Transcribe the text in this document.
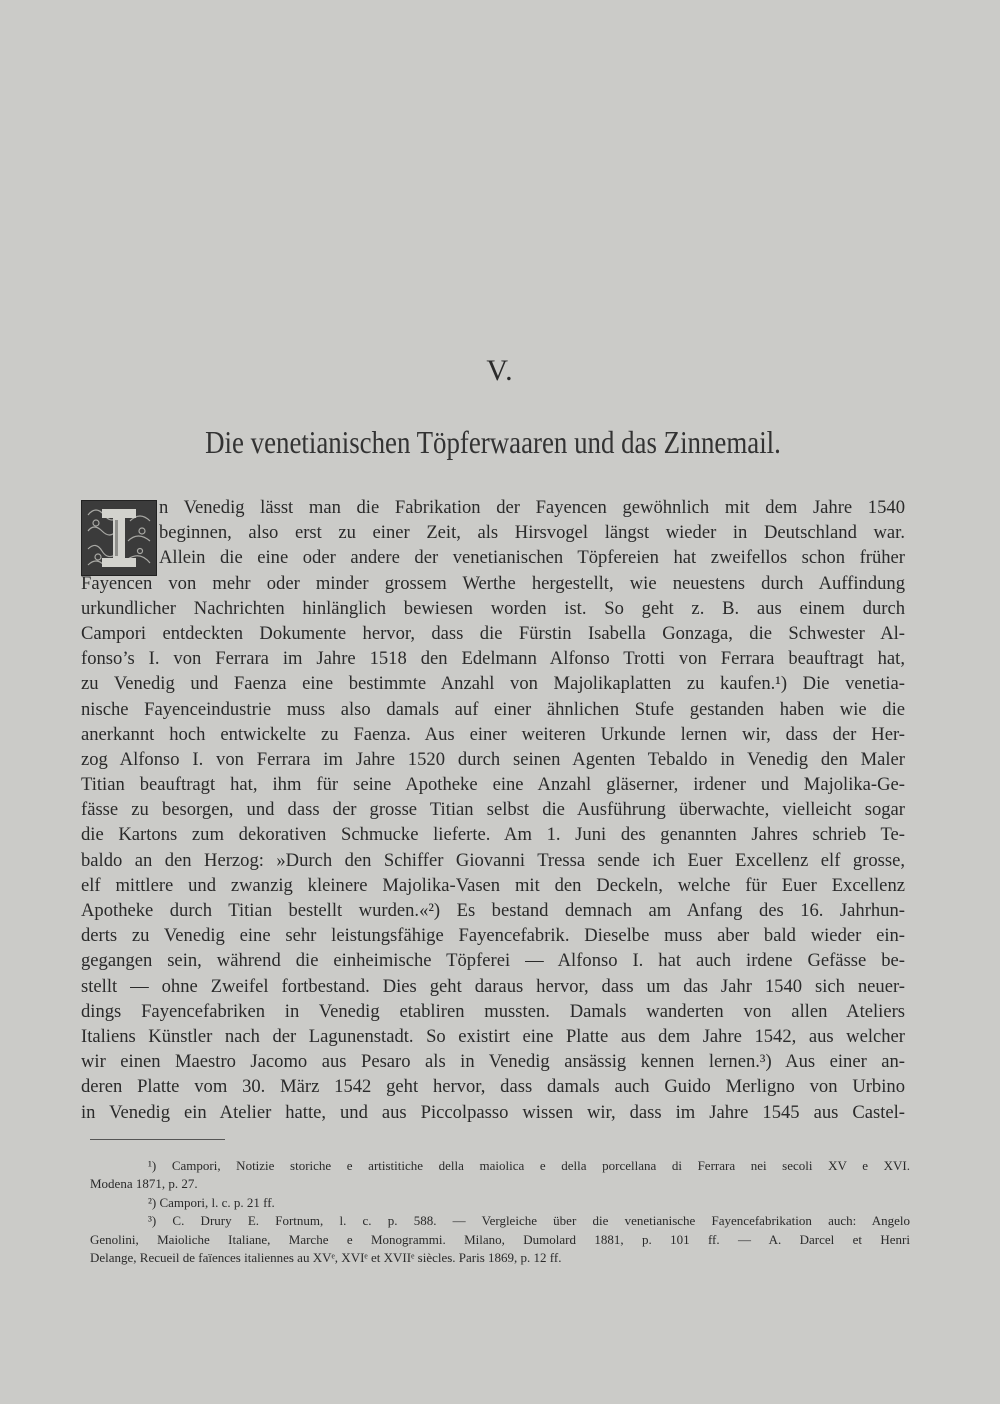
V.
Die venetianischen Töpferwaaren und das Zinnemail.
n Venedig lässt man die Fabrikation der Fayencen gewöhnlich mit dem Jahre 1540
beginnen, also erst zu einer Zeit, als Hirsvogel längst wieder in Deutschland war.
Allein die eine oder andere der venetianischen Töpfereien hat zweifellos schon früher
Fayencen von mehr oder minder grossem Werthe hergestellt, wie neuestens durch Auffindung
urkundlicher Nachrichten hinlänglich bewiesen worden ist. So geht z. B. aus einem durch
Campori entdeckten Dokumente hervor, dass die Fürstin Isabella Gonzaga, die Schwester Al-
fonso’s I. von Ferrara im Jahre 1518 den Edelmann Alfonso Trotti von Ferrara beauftragt hat,
zu Venedig und Faenza eine bestimmte Anzahl von Majolikaplatten zu kaufen.¹) Die venetia-
nische Fayenceindustrie muss also damals auf einer ähnlichen Stufe gestanden haben wie die
anerkannt hoch entwickelte zu Faenza. Aus einer weiteren Urkunde lernen wir, dass der Her-
zog Alfonso I. von Ferrara im Jahre 1520 durch seinen Agenten Tebaldo in Venedig den Maler
Titian beauftragt hat, ihm für seine Apotheke eine Anzahl gläserner, irdener und Majolika-Ge-
fässe zu besorgen, und dass der grosse Titian selbst die Ausführung überwachte, vielleicht sogar
die Kartons zum dekorativen Schmucke lieferte. Am 1. Juni des genannten Jahres schrieb Te-
baldo an den Herzog: »Durch den Schiffer Giovanni Tressa sende ich Euer Excellenz elf grosse,
elf mittlere und zwanzig kleinere Majolika-Vasen mit den Deckeln, welche für Euer Excellenz
Apotheke durch Titian bestellt wurden.«²) Es bestand demnach am Anfang des 16. Jahrhun-
derts zu Venedig eine sehr leistungsfähige Fayencefabrik. Dieselbe muss aber bald wieder ein-
gegangen sein, während die einheimische Töpferei — Alfonso I. hat auch irdene Gefässe be-
stellt — ohne Zweifel fortbestand. Dies geht daraus hervor, dass um das Jahr 1540 sich neuer-
dings Fayencefabriken in Venedig etabliren mussten. Damals wanderten von allen Ateliers
Italiens Künstler nach der Lagunenstadt. So existirt eine Platte aus dem Jahre 1542, aus welcher
wir einen Maestro Jacomo aus Pesaro als in Venedig ansässig kennen lernen.³) Aus einer an-
deren Platte vom 30. März 1542 geht hervor, dass damals auch Guido Merligno von Urbino
in Venedig ein Atelier hatte, und aus Piccolpasso wissen wir, dass im Jahre 1545 aus Castel-
¹) Campori, Notizie storiche e artistitiche della maiolica e della porcellana di Ferrara nei secoli XV e XVI.
Modena 1871, p. 27.
²) Campori, l. c. p. 21 ff.
³) C. Drury E. Fortnum, l. c. p. 588. — Vergleiche über die venetianische Fayencefabrikation auch: Angelo
Genolini, Maioliche Italiane, Marche e Monogrammi. Milano, Dumolard 1881, p. 101 ff. — A. Darcel et Henri
Delange, Recueil de faïences italiennes au XVᵉ, XVIᵉ et XVIIᵉ siècles. Paris 1869, p. 12 ff.
